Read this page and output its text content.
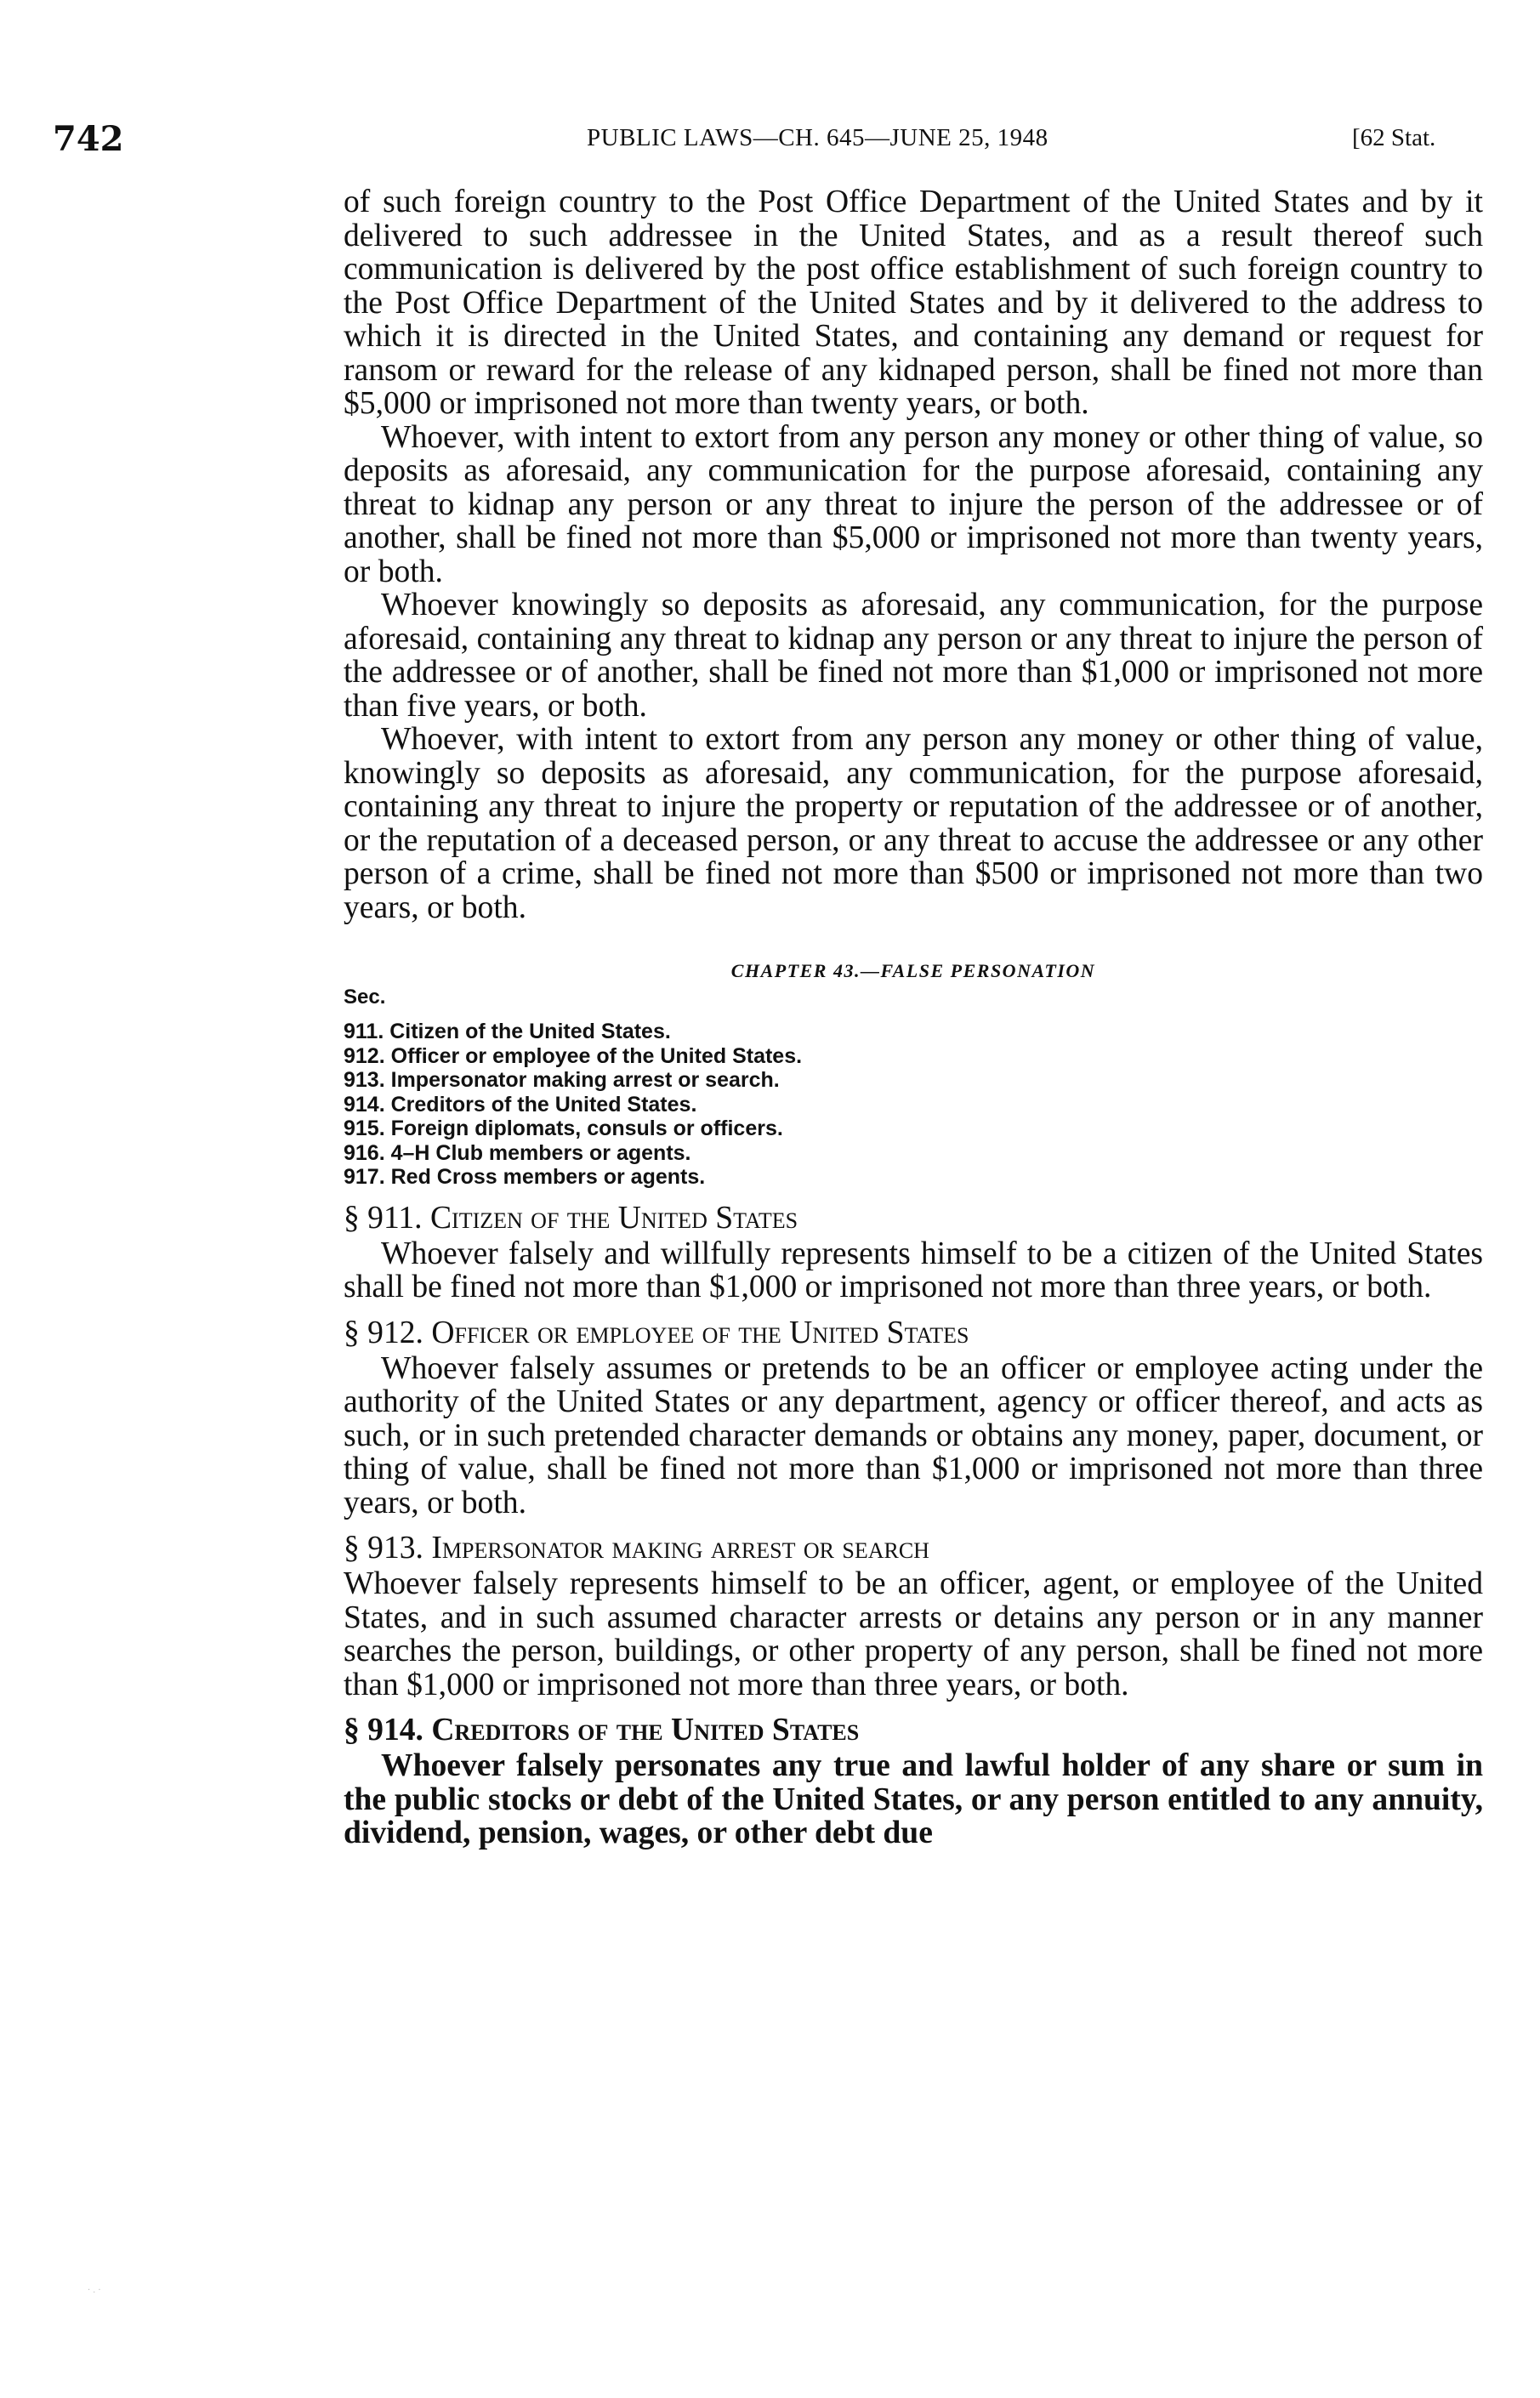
742	PUBLIC LAWS—CH. 645—JUNE 25, 1948	[62 Stat.

of such foreign country to the Post Office Department of the United States and by it delivered to such addressee in the United States, and as a result thereof such communication is delivered by the post office establishment of such foreign country to the Post Office Department of the United States and by it delivered to the address to which it is directed in the United States, and containing any demand or request for ransom or reward for the release of any kidnaped person, shall be fined not more than $5,000 or imprisoned not more than twenty years, or both.

Whoever, with intent to extort from any person any money or other thing of value, so deposits as aforesaid, any communication for the purpose aforesaid, containing any threat to kidnap any person or any threat to injure the person of the addressee or of another, shall be fined not more than $5,000 or imprisoned not more than twenty years, or both.

Whoever knowingly so deposits as aforesaid, any communication, for the purpose aforesaid, containing any threat to kidnap any person or any threat to injure the person of the addressee or of another, shall be fined not more than $1,000 or imprisoned not more than five years, or both.

Whoever, with intent to extort from any person any money or other thing of value, knowingly so deposits as aforesaid, any communication, for the purpose aforesaid, containing any threat to injure the property or reputation of the addressee or of another, or the reputation of a deceased person, or any threat to accuse the addressee or any other person of a crime, shall be fined not more than $500 or imprisoned not more than two years, or both.

CHAPTER 43.—FALSE PERSONATION

Sec.

911. Citizen of the United States.
912. Officer or employee of the United States.
913. Impersonator making arrest or search.
914. Creditors of the United States.
915. Foreign diplomats, consuls or officers.
916. 4–H Club members or agents.
917. Red Cross members or agents.

§ 911. Citizen of the United States

Whoever falsely and willfully represents himself to be a citizen of the United States shall be fined not more than $1,000 or imprisoned not more than three years, or both.

§ 912. Officer or employee of the United States

Whoever falsely assumes or pretends to be an officer or employee acting under the authority of the United States or any department, agency or officer thereof, and acts as such, or in such pretended character demands or obtains any money, paper, document, or thing of value, shall be fined not more than $1,000 or imprisoned not more than three years, or both.

§ 913. Impersonator making arrest or search

Whoever falsely represents himself to be an officer, agent, or employee of the United States, and in such assumed character arrests or detains any person or in any manner searches the person, buildings, or other property of any person, shall be fined not more than $1,000 or imprisoned not more than three years, or both.

§ 914. Creditors of the United States

Whoever falsely personates any true and lawful holder of any share or sum in the public stocks or debt of the United States, or any person entitled to any annuity, dividend, pension, wages, or other debt due

·.·
